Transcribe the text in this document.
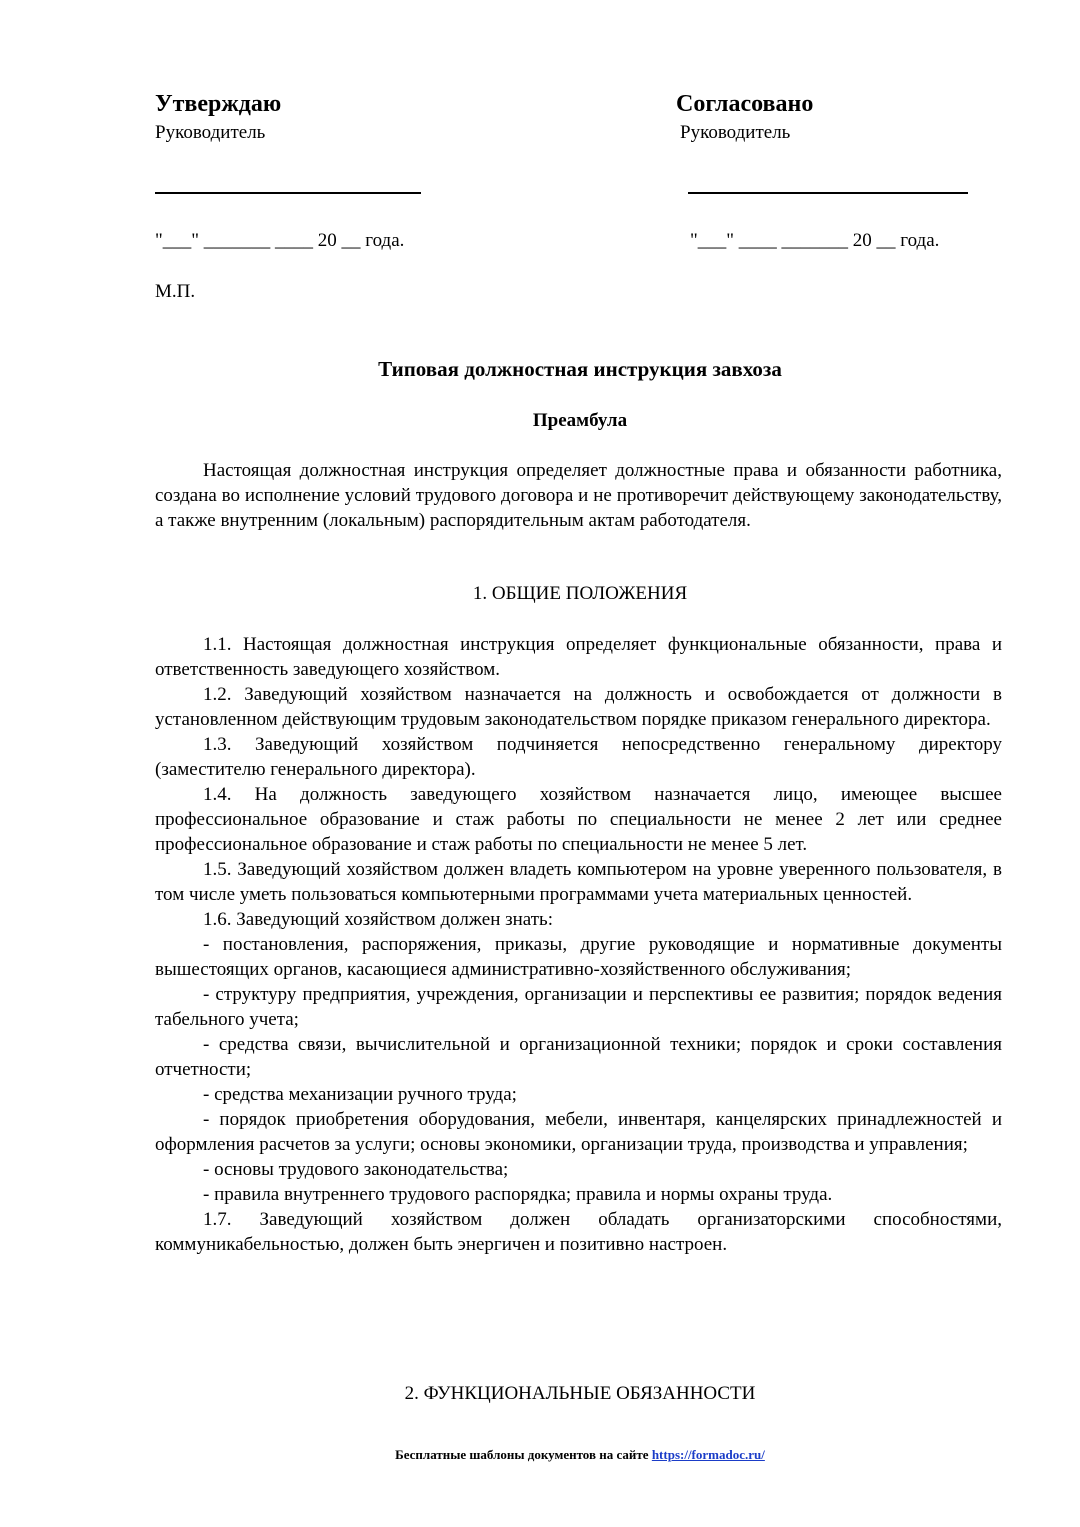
Утверждаю
Руководитель
Согласовано
Руководитель
"___" _______ ____ 20 __ года.	"___" ____ _______ 20 __ года.
М.П.
Типовая должностная инструкция завхоза
Преамбула

Настоящая должностная инструкция определяет должностные права и обязанности работника, создана во исполнение условий трудового договора и не противоречит действующему законодательству, а также внутренним (локальным) распорядительным актам работодателя.

1. ОБЩИЕ ПОЛОЖЕНИЯ

1.1. Настоящая должностная инструкция определяет функциональные обязанности, права и ответственность заведующего хозяйством.

1.2. Заведующий хозяйством назначается на должность и освобождается от должности в установленном действующим трудовым законодательством порядке приказом генерального директора.

1.3. Заведующий хозяйством подчиняется непосредственно генеральному директору (заместителю генерального директора).

1.4. На должность заведующего хозяйством назначается лицо, имеющее высшее профессиональное образование и стаж работы по специальности не менее 2 лет или среднее профессиональное образование и стаж работы по специальности не менее 5 лет.

1.5. Заведующий хозяйством должен владеть компьютером на уровне уверенного пользователя, в том числе уметь пользоваться компьютерными программами учета материальных ценностей.

1.6. Заведующий хозяйством должен знать:

- постановления, распоряжения, приказы, другие руководящие и нормативные документы вышестоящих органов, касающиеся административно-хозяйственного обслуживания;

- структуру предприятия, учреждения, организации и перспективы ее развития; порядок ведения табельного учета;

- средства связи, вычислительной и организационной техники; порядок и сроки составления отчетности;

- средства механизации ручного труда;

- порядок приобретения оборудования, мебели, инвентаря, канцелярских принадлежностей и оформления расчетов за услуги; основы экономики, организации труда, производства и управления;

- основы трудового законодательства;

- правила внутреннего трудового распорядка; правила и нормы охраны труда.

1.7. Заведующий хозяйством должен обладать организаторскими способностями, коммуникабельностью, должен быть энергичен и позитивно настроен.

2. ФУНКЦИОНАЛЬНЫЕ ОБЯЗАННОСТИ
Бесплатные шаблоны документов на сайте https://formadoc.ru/
